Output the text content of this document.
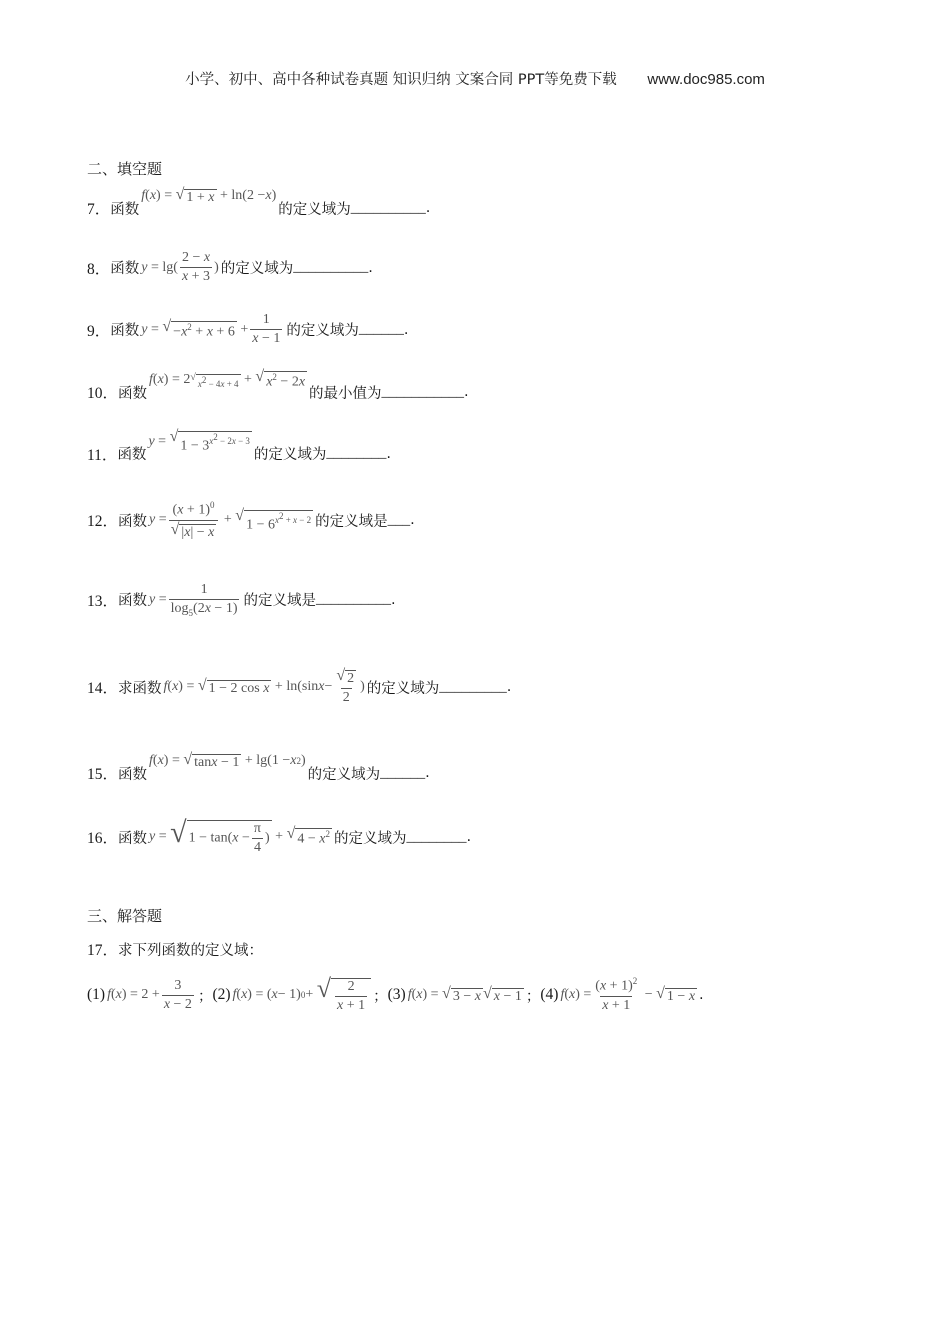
小学、初中、高中各种试卷真题 知识归纳 文案合同 PPT等免费下载 www.doc985.com
二、填空题
7． 函数
f ( x ) = √ 1 + x + ln(2 − x )
的定义域为 __________ .
8． 函数 $y = \lg( \frac{2 - x}{x + 3}$ ) 的定义域为 __________ .
9． 函数 y = √ $-x^2 + x + 6 + \frac{1}{x - 1}$ 的定义域为 ______ .
10． 函数
f ( x ) = 2 √
$x^2 - 4x + 4$ + √ $x^2 - 2x$
的最小值为 ___________ .
11． 函数
y = √
$1 - 3^{x^2 - 2x - 3}$
的定义域为 ________ .
12． 函数 $y = \frac{(x + 1)^0}{√ |x| - x}$ + √
$1 - 6^{x^2 + x - 2}$ 的定义域是 ___ .
13． 函数 $y = \frac{1}{\log_5(2x - 1)}$ 的定义域是 __________ .
14． 求函数 f ( x ) = √ 1 − 2 cos x + ln(sin $x - \frac{√ 2}{2}$ ) 的定义域为 _________ .
15． 函数
f ( x ) = √ tanx − 1 + lg(1 − x 2 )
的定义域为 ______ .
16． 函数 y = √ $1 - \tan(x - \frac{\pi}{4}$ ) + √ $4 - x^2$ 的定义域为 ________ .
三、解答题
17． 求下列函数的定义域：
(1) f ( x ) = $2 + \frac{3}{x - 2}$ ； (2) f ( x ) = ( x − 1) 0 + √ $\frac{2}{x + 1}$ ； (3) f ( x ) = √ 3 − x √ x − 1 ； (4) f ( x ) = $\frac{(x + 1)^2}{x + 1}$ − √ 1 − x .
